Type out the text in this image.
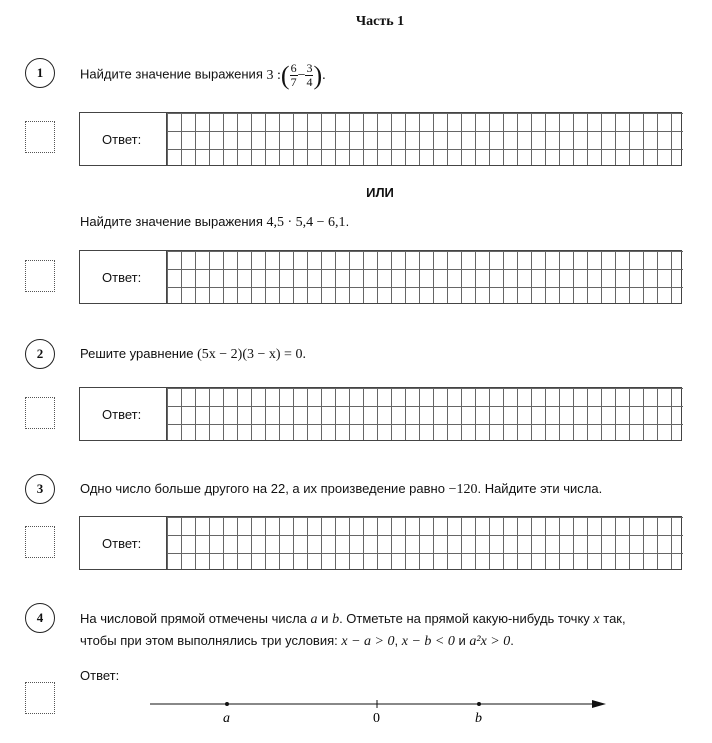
Часть 1
1	Найдите значение выражения 3 :( $\frac{6}{7} - \frac{3}{4}$ ).
Ответ:
ИЛИ
Найдите значение выражения 4,5 · 5,4 − 6,1.
Ответ:
2	Решите уравнение (5x − 2)(3 − x) = 0.
Ответ:
3	Одно число больше другого на 22, а их произведение равно −120. Найдите эти числа.
Ответ:
4	На числовой прямой отмечены числа a и b. Отметьте на прямой какую-нибудь точку x так,
чтобы при этом выполнялись три условия: x − a > 0, x − b < 0 и a²x > 0.
Ответ:
a	0	b
